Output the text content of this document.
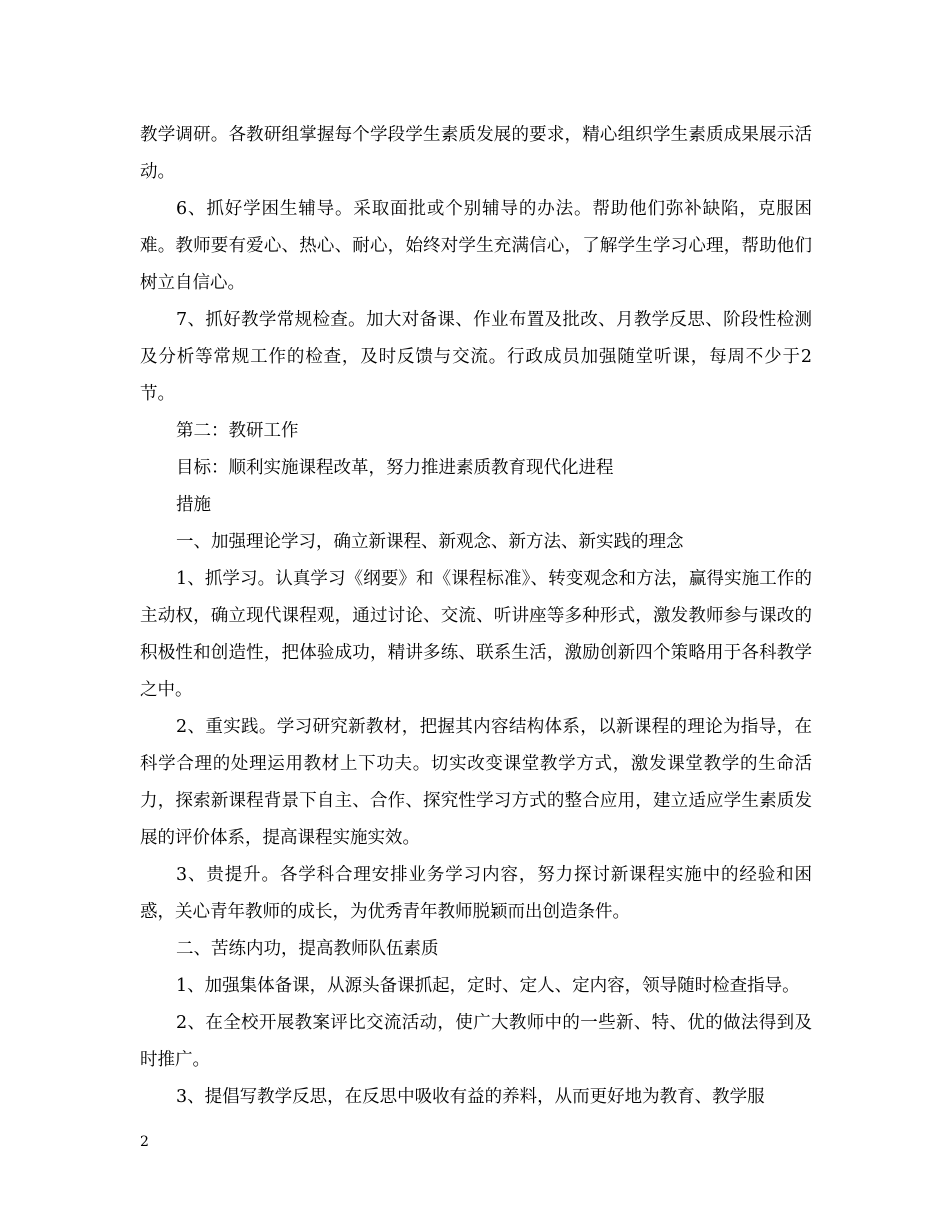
教学调研。各教研组掌握每个学段学生素质发展的要求，精心组织学生素质成果展示活动。

6、抓好学困生辅导。采取面批或个别辅导的办法。帮助他们弥补缺陷，克服困难。教师要有爱心、热心、耐心，始终对学生充满信心，了解学生学习心理，帮助他们树立自信心。

7、抓好教学常规检查。加大对备课、作业布置及批改、月教学反思、阶段性检测及分析等常规工作的检查，及时反馈与交流。行政成员加强随堂听课，每周不少于2节。

第二：教研工作

目标：顺利实施课程改革，努力推进素质教育现代化进程

措施

一、加强理论学习，确立新课程、新观念、新方法、新实践的理念

1、抓学习。认真学习《纲要》和《课程标准》、转变观念和方法，赢得实施工作的主动权，确立现代课程观，通过讨论、交流、听讲座等多种形式，激发教师参与课改的积极性和创造性，把体验成功，精讲多练、联系生活，激励创新四个策略用于各科教学之中。

2、重实践。学习研究新教材，把握其内容结构体系，以新课程的理论为指导，在科学合理的处理运用教材上下功夫。切实改变课堂教学方式，激发课堂教学的生命活力，探索新课程背景下自主、合作、探究性学习方式的整合应用，建立适应学生素质发展的评价体系，提高课程实施实效。

3、贵提升。各学科合理安排业务学习内容，努力探讨新课程实施中的经验和困惑，关心青年教师的成长，为优秀青年教师脱颖而出创造条件。

二、苦练内功，提高教师队伍素质

1、加强集体备课，从源头备课抓起，定时、定人、定内容，领导随时检查指导。

2、在全校开展教案评比交流活动，使广大教师中的一些新、特、优的做法得到及时推广。

3、提倡写教学反思，在反思中吸收有益的养料，从而更好地为教育、教学服

2
